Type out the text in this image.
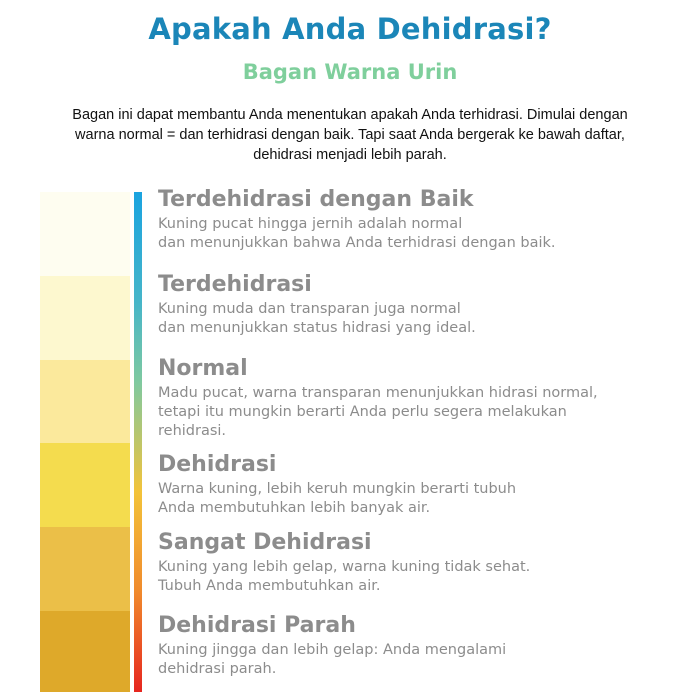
Apakah Anda Dehidrasi?
Bagan Warna Urin
Bagan ini dapat membantu Anda menentukan apakah Anda terhidrasi. Dimulai dengan
warna normal = dan terhidrasi dengan baik. Tapi saat Anda bergerak ke bawah daftar,
dehidrasi menjadi lebih parah.
Terdehidrasi dengan Baik
Kuning pucat hingga jernih adalah normal
dan menunjukkan bahwa Anda terhidrasi dengan baik.
Terdehidrasi
Kuning muda dan transparan juga normal
dan menunjukkan status hidrasi yang ideal.
Normal
Madu pucat, warna transparan menunjukkan hidrasi normal,
tetapi itu mungkin berarti Anda perlu segera melakukan
rehidrasi.
Dehidrasi
Warna kuning, lebih keruh mungkin berarti tubuh
Anda membutuhkan lebih banyak air.
Sangat Dehidrasi
Kuning yang lebih gelap, warna kuning tidak sehat.
Tubuh Anda membutuhkan air.
Dehidrasi Parah
Kuning jingga dan lebih gelap: Anda mengalami
dehidrasi parah.
